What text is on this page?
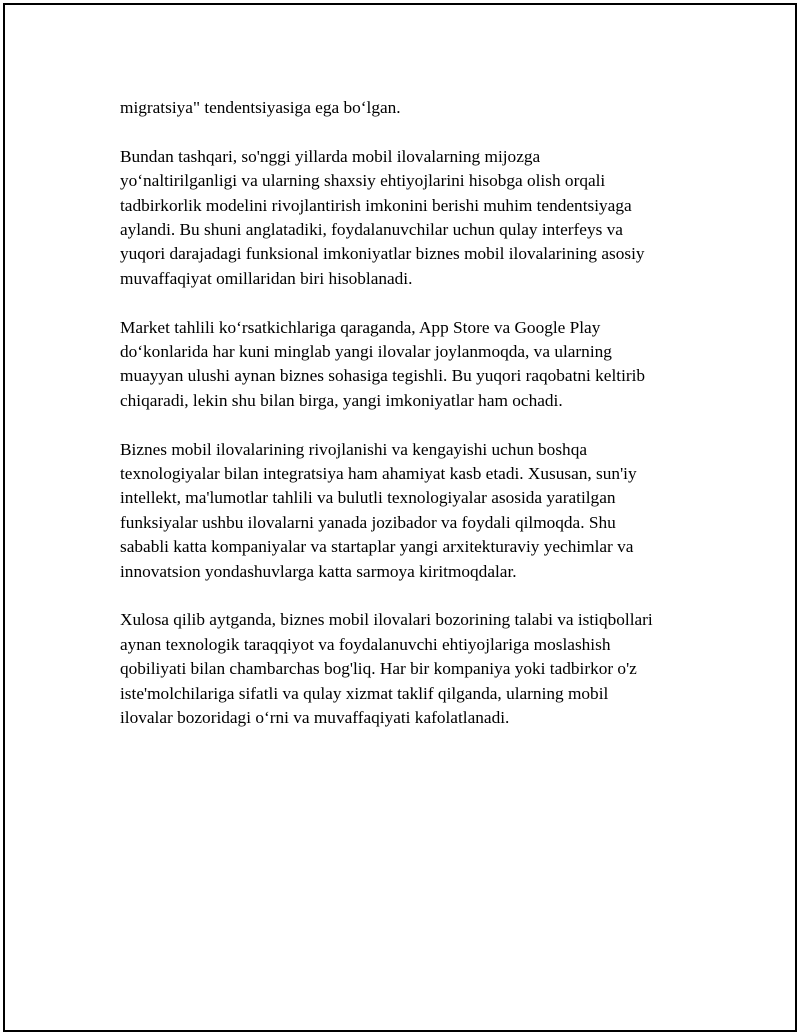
migratsiya" tendentsiyasiga ega bo‘lgan.

Bundan tashqari, so'nggi yillarda mobil ilovalarning mijozga
yo‘naltirilganligi va ularning shaxsiy ehtiyojlarini hisobga olish orqali
tadbirkorlik modelini rivojlantirish imkonini berishi muhim tendentsiyaga
aylandi. Bu shuni anglatadiki, foydalanuvchilar uchun qulay interfeys va
yuqori darajadagi funksional imkoniyatlar biznes mobil ilovalarining asosiy
muvaffaqiyat omillaridan biri hisoblanadi.

Market tahlili ko‘rsatkichlariga qaraganda, App Store va Google Play
do‘konlarida har kuni minglab yangi ilovalar joylanmoqda, va ularning
muayyan ulushi aynan biznes sohasiga tegishli. Bu yuqori raqobatni keltirib
chiqaradi, lekin shu bilan birga, yangi imkoniyatlar ham ochadi.

Biznes mobil ilovalarining rivojlanishi va kengayishi uchun boshqa
texnologiyalar bilan integratsiya ham ahamiyat kasb etadi. Xususan, sun'iy
intellekt, ma'lumotlar tahlili va bulutli texnologiyalar asosida yaratilgan
funksiyalar ushbu ilovalarni yanada jozibador va foydali qilmoqda. Shu
sababli katta kompaniyalar va startaplar yangi arxitekturaviy yechimlar va
innovatsion yondashuvlarga katta sarmoya kiritmoqdalar.

Xulosa qilib aytganda, biznes mobil ilovalari bozorining talabi va istiqbollari
aynan texnologik taraqqiyot va foydalanuvchi ehtiyojlariga moslashish
qobiliyati bilan chambarchas bog'liq. Har bir kompaniya yoki tadbirkor o'z
iste'molchilariga sifatli va qulay xizmat taklif qilganda, ularning mobil
ilovalar bozoridagi o‘rni va muvaffaqiyati kafolatlanadi.
